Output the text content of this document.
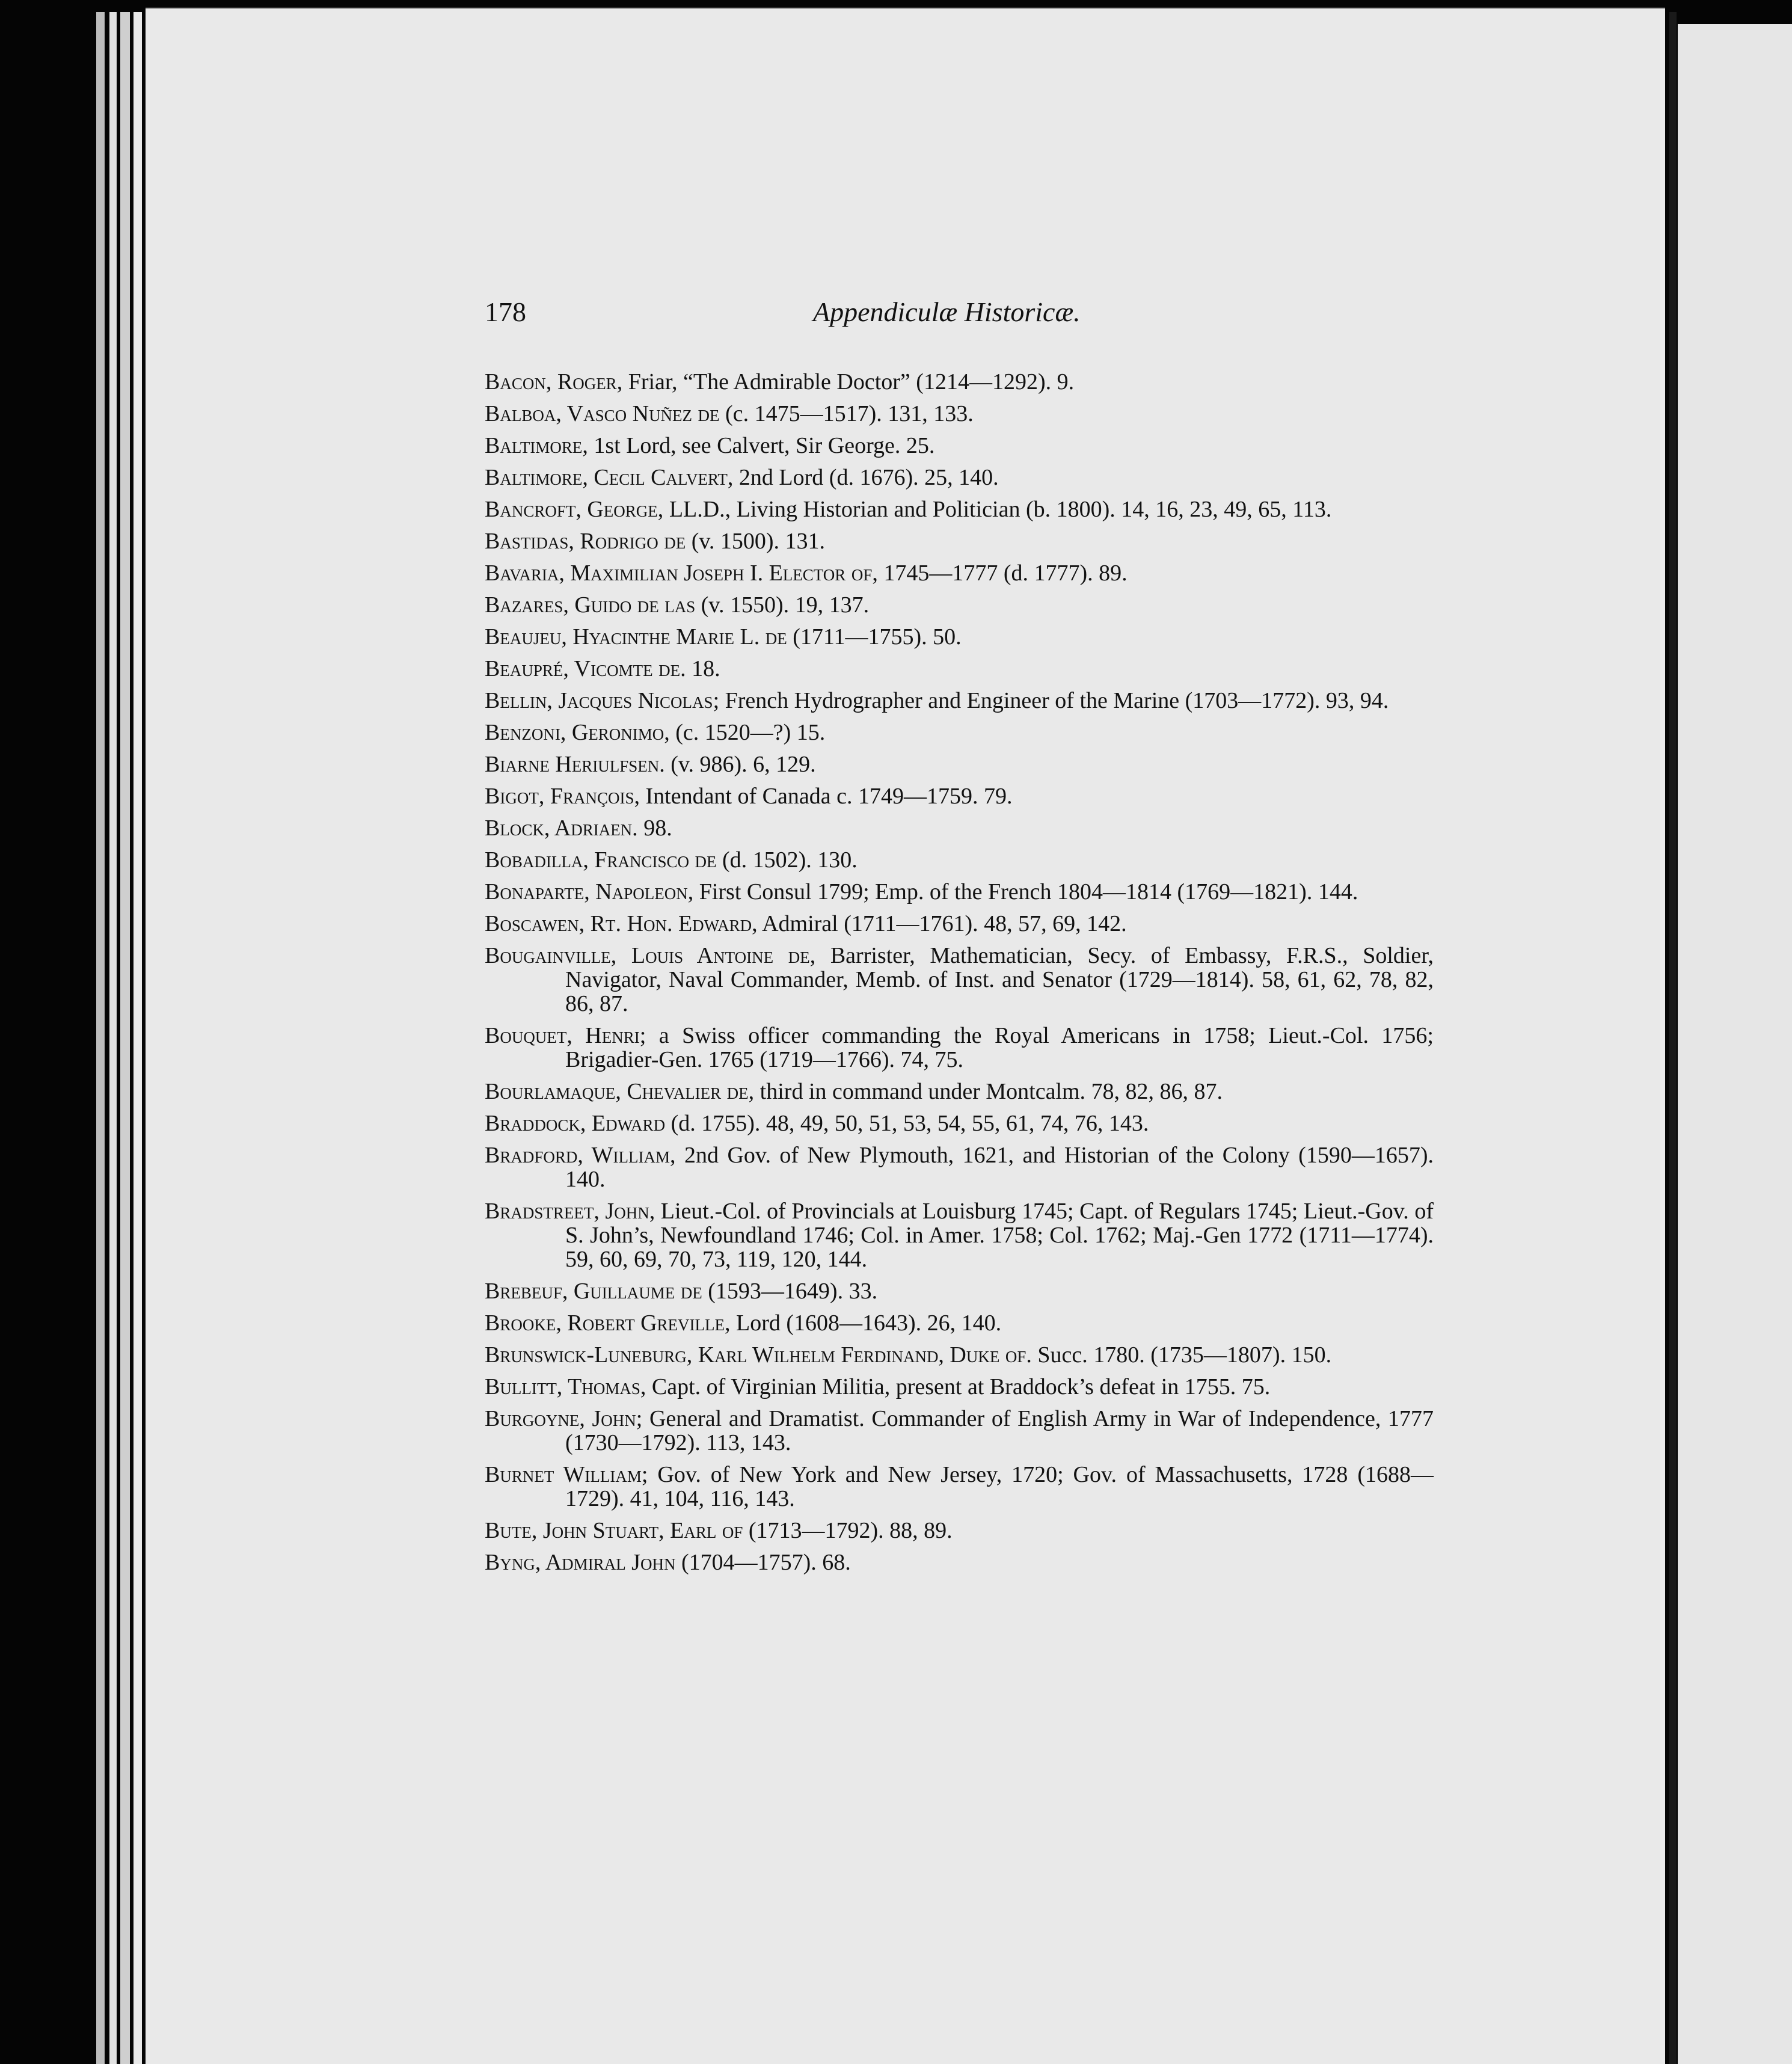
178	Appendiculæ Historicæ.
Bacon, Roger, Friar, “The Admirable Doctor” (1214—1292). 9.
Balboa, Vasco Nuñez de (c. 1475—1517). 131, 133.
Baltimore, 1st Lord, see Calvert, Sir George. 25.
Baltimore, Cecil Calvert, 2nd Lord (d. 1676). 25, 140.
Bancroft, George, LL.D., Living Historian and Politician (b. 1800). 14, 16, 23, 49, 65, 113.
Bastidas, Rodrigo de (v. 1500). 131.
Bavaria, Maximilian Joseph I. Elector of, 1745—1777 (d. 1777). 89.
Bazares, Guido de las (v. 1550). 19, 137.
Beaujeu, Hyacinthe Marie L. de (1711—1755). 50.
Beaupré, Vicomte de. 18.
Bellin, Jacques Nicolas; French Hydrographer and Engineer of the Marine (1703—1772). 93, 94.
Benzoni, Geronimo, (c. 1520—?) 15.
Biarne Heriulfsen. (v. 986). 6, 129.
Bigot, François, Intendant of Canada c. 1749—1759. 79.
Block, Adriaen. 98.
Bobadilla, Francisco de (d. 1502). 130.
Bonaparte, Napoleon, First Consul 1799; Emp. of the French 1804—1814 (1769—1821). 144.
Boscawen, Rt. Hon. Edward, Admiral (1711—1761). 48, 57, 69, 142.
Bougainville, Louis Antoine de, Barrister, Mathematician, Secy. of Embassy, F.R.S., Soldier, Navigator, Naval Commander, Memb. of Inst. and Senator (1729—1814). 58, 61, 62, 78, 82, 86, 87.
Bouquet, Henri; a Swiss officer commanding the Royal Americans in 1758; Lieut.-Col. 1756; Brigadier-Gen. 1765 (1719—1766). 74, 75.
Bourlamaque, Chevalier de, third in command under Montcalm. 78, 82, 86, 87.
Braddock, Edward (d. 1755). 48, 49, 50, 51, 53, 54, 55, 61, 74, 76, 143.
Bradford, William, 2nd Gov. of New Plymouth, 1621, and Historian of the Colony (1590—1657). 140.
Bradstreet, John, Lieut.-Col. of Provincials at Louisburg 1745; Capt. of Regulars 1745; Lieut.-Gov. of S. John’s, Newfoundland 1746; Col. in Amer. 1758; Col. 1762; Maj.-Gen 1772 (1711—1774). 59, 60, 69, 70, 73, 119, 120, 144.
Brebeuf, Guillaume de (1593—1649). 33.
Brooke, Robert Greville, Lord (1608—1643). 26, 140.
Brunswick-Luneburg, Karl Wilhelm Ferdinand, Duke of. Succ. 1780. (1735—1807). 150.
Bullitt, Thomas, Capt. of Virginian Militia, present at Braddock’s defeat in 1755. 75.
Burgoyne, John; General and Dramatist. Commander of English Army in War of Independence, 1777 (1730—1792). 113, 143.
Burnet William; Gov. of New York and New Jersey, 1720; Gov. of Massachusetts, 1728 (1688—1729). 41, 104, 116, 143.
Bute, John Stuart, Earl of (1713—1792). 88, 89.
Byng, Admiral John (1704—1757). 68.
